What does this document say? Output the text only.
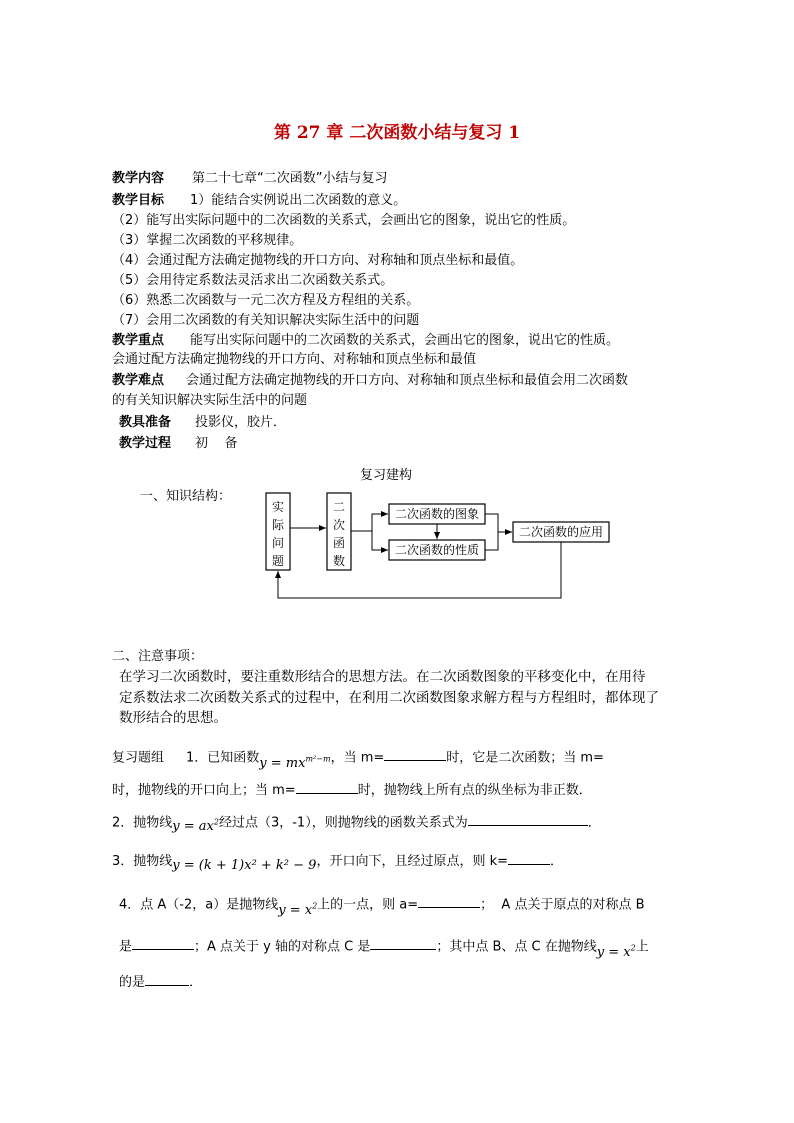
第 27 章 二次函数小结与复习 1
教学内容 第二十七章“二次函数”小结与复习
教学目标 1）能结合实例说出二次函数的意义。
（2）能写出实际问题中的二次函数的关系式，会画出它的图象，说出它的性质。
（3）掌握二次函数的平移规律。
（4）会通过配方法确定抛物线的开口方向、对称轴和顶点坐标和最值。
（5）会用待定系数法灵活求出二次函数关系式。
（6）熟悉二次函数与一元二次方程及方程组的关系。
（7）会用二次函数的有关知识解决实际生活中的问题
教学重点 能写出实际问题中的二次函数的关系式，会画出它的图象，说出它的性质。
会通过配方法确定抛物线的开口方向、对称轴和顶点坐标和最值
教学难点 会通过配方法确定抛物线的开口方向、对称轴和顶点坐标和最值会用二次函数
的有关知识解决实际生活中的问题
教具准备 投影仪，胶片．
教学过程 初    备
复习建构
一、知识结构：
实
际
问
题
二
次
函
数
二次函数的图象
二次函数的性质
二次函数的应用
二、注意事项：
在学习二次函数时，要注重数形结合的思想方法。在二次函数图象的平移变化中，在用待
定系数法求二次函数关系式的过程中，在利用二次函数图象求解方程与方程组时，都体现了
数形结合的思想。
复习题组 1．已知函数$y = mx^{m^2-m}$，当 m=	时，它是二次函数；当 m=
时，抛物线的开口向上；当 m=	时，抛物线上所有点的纵坐标为非正数．
2．抛物线$y = ax^2$经过点（3，-1），则抛物线的函数关系式为	．
3．抛物线y = (k + 1)x² + k² − 9，开口向下，且经过原点，则 k=	．
4．点 A（-2，a）是抛物线$y = x^2$上的一点，则 a=	；  A 点关于原点的对称点 B
是	；A 点关于 y 轴的对称点 C 是	；其中点 B、点 C 在抛物线$y = x^2$上
的是	．
